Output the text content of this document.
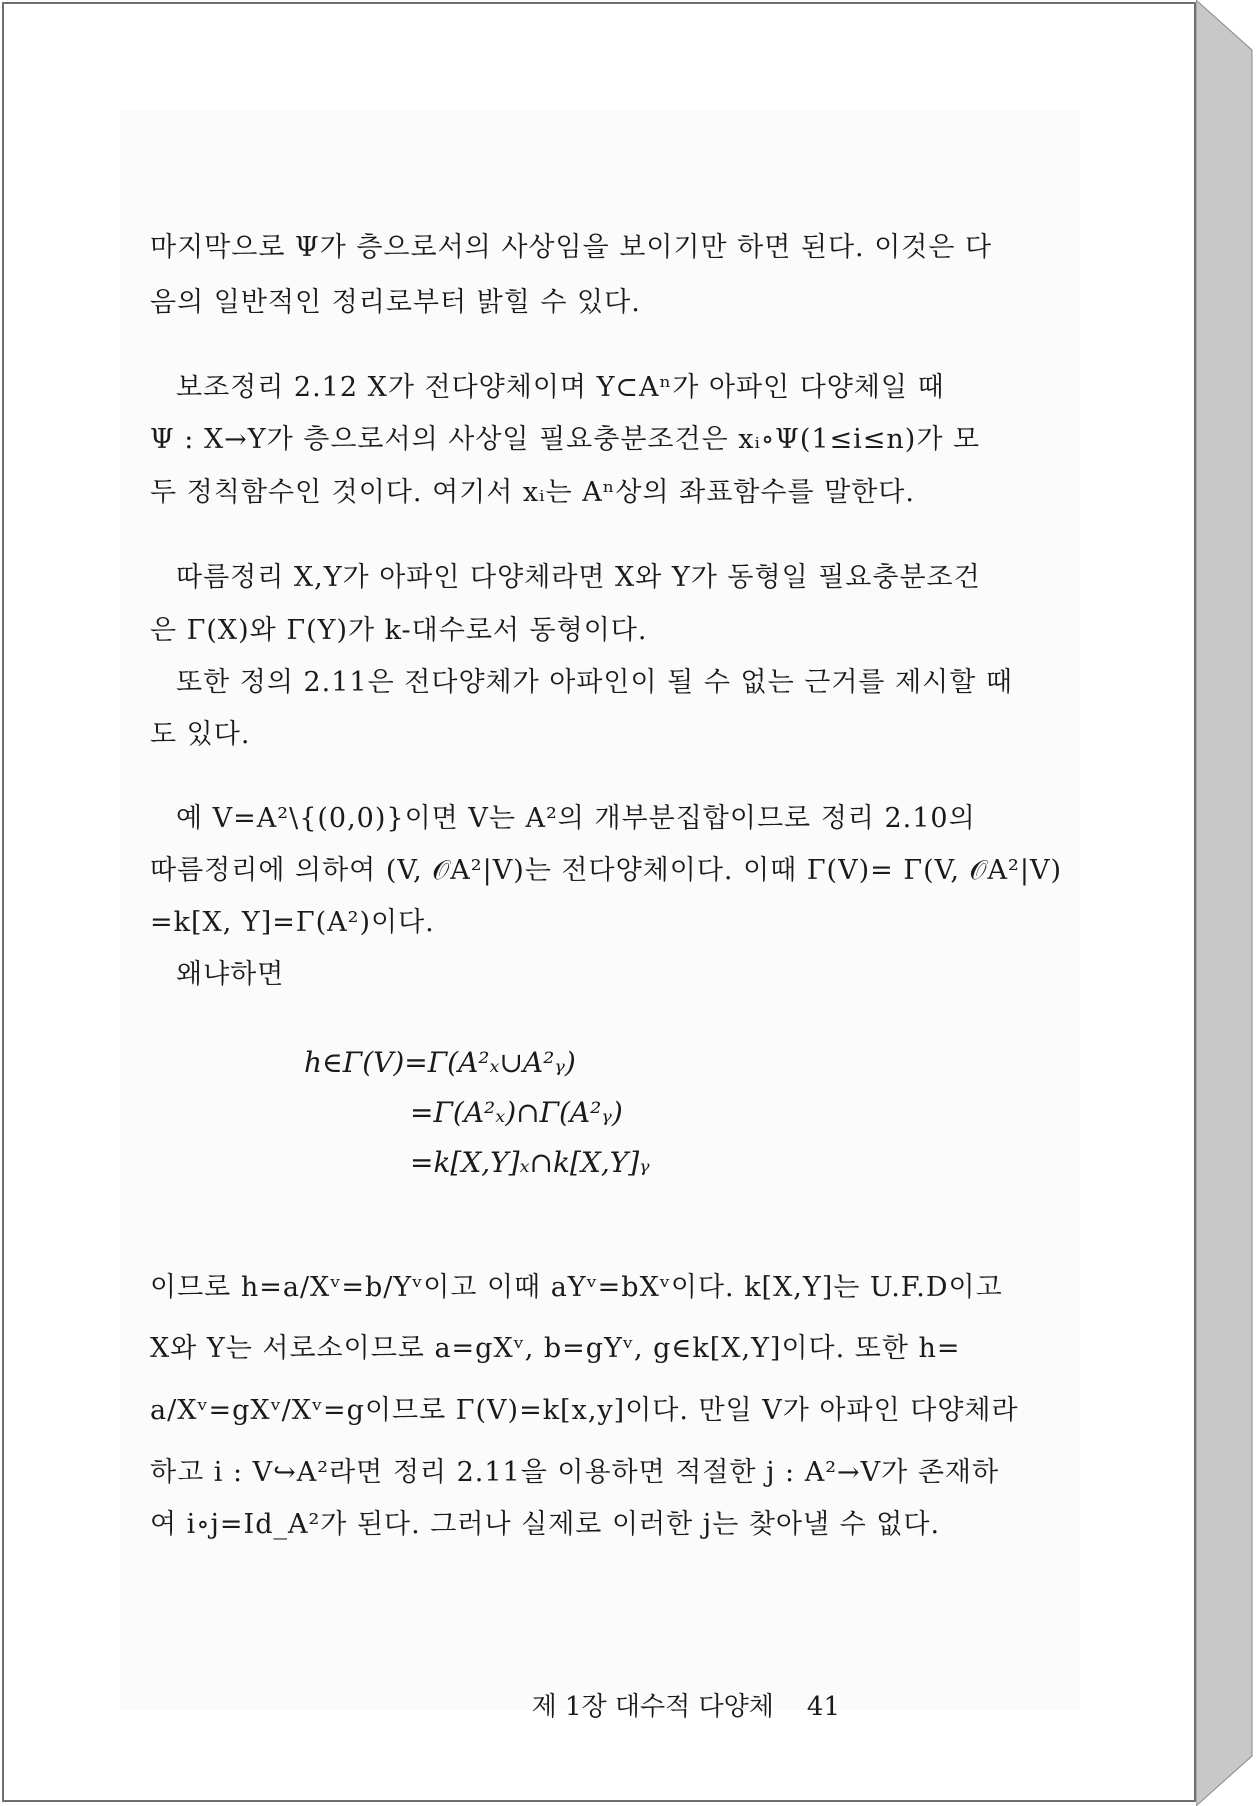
마지막으로 Ψ가 층으로서의 사상임을 보이기만 하면 된다. 이것은 다
음의 일반적인 정리로부터 밝힐 수 있다.
보조정리 2.12 X가 전다양체이며 Y⊂Aⁿ가 아파인 다양체일 때
Ψ : X→Y가 층으로서의 사상일 필요충분조건은 xᵢ∘Ψ(1≤i≤n)가 모
두 정칙함수인 것이다. 여기서 xᵢ는 Aⁿ상의 좌표함수를 말한다.
따름정리 X,Y가 아파인 다양체라면 X와 Y가 동형일 필요충분조건
은 Γ(X)와 Γ(Y)가 k-대수로서 동형이다.
또한 정의 2.11은 전다양체가 아파인이 될 수 없는 근거를 제시할 때
도 있다.
예 V=A²\{(0,0)}이면 V는 A²의 개부분집합이므로 정리 2.10의
따름정리에 의하여 (V, 𝒪A²|V)는 전다양체이다. 이때 Γ(V)= Γ(V, 𝒪A²|V)
=k[X, Y]=Γ(A²)이다.
왜냐하면
h∈Γ(V)=Γ(A²ₓ∪A²ᵧ)
=Γ(A²ₓ)∩Γ(A²ᵧ)
=k[X,Y]ₓ∩k[X,Y]ᵧ
이므로 h=a/Xᵛ=b/Yᵛ이고 이때 aYᵛ=bXᵛ이다. k[X,Y]는 U.F.D이고
X와 Y는 서로소이므로 a=gXᵛ, b=gYᵛ, g∈k[X,Y]이다. 또한 h=
a/Xᵛ=gXᵛ/Xᵛ=g이므로 Γ(V)=k[x,y]이다. 만일 V가 아파인 다양체라
하고 i : V↪A²라면 정리 2.11을 이용하면 적절한 j : A²→V가 존재하
여 i∘j=Id_A²가 된다. 그러나 실제로 이러한 j는 찾아낼 수 없다.
제 1장 대수적 다양체 41
